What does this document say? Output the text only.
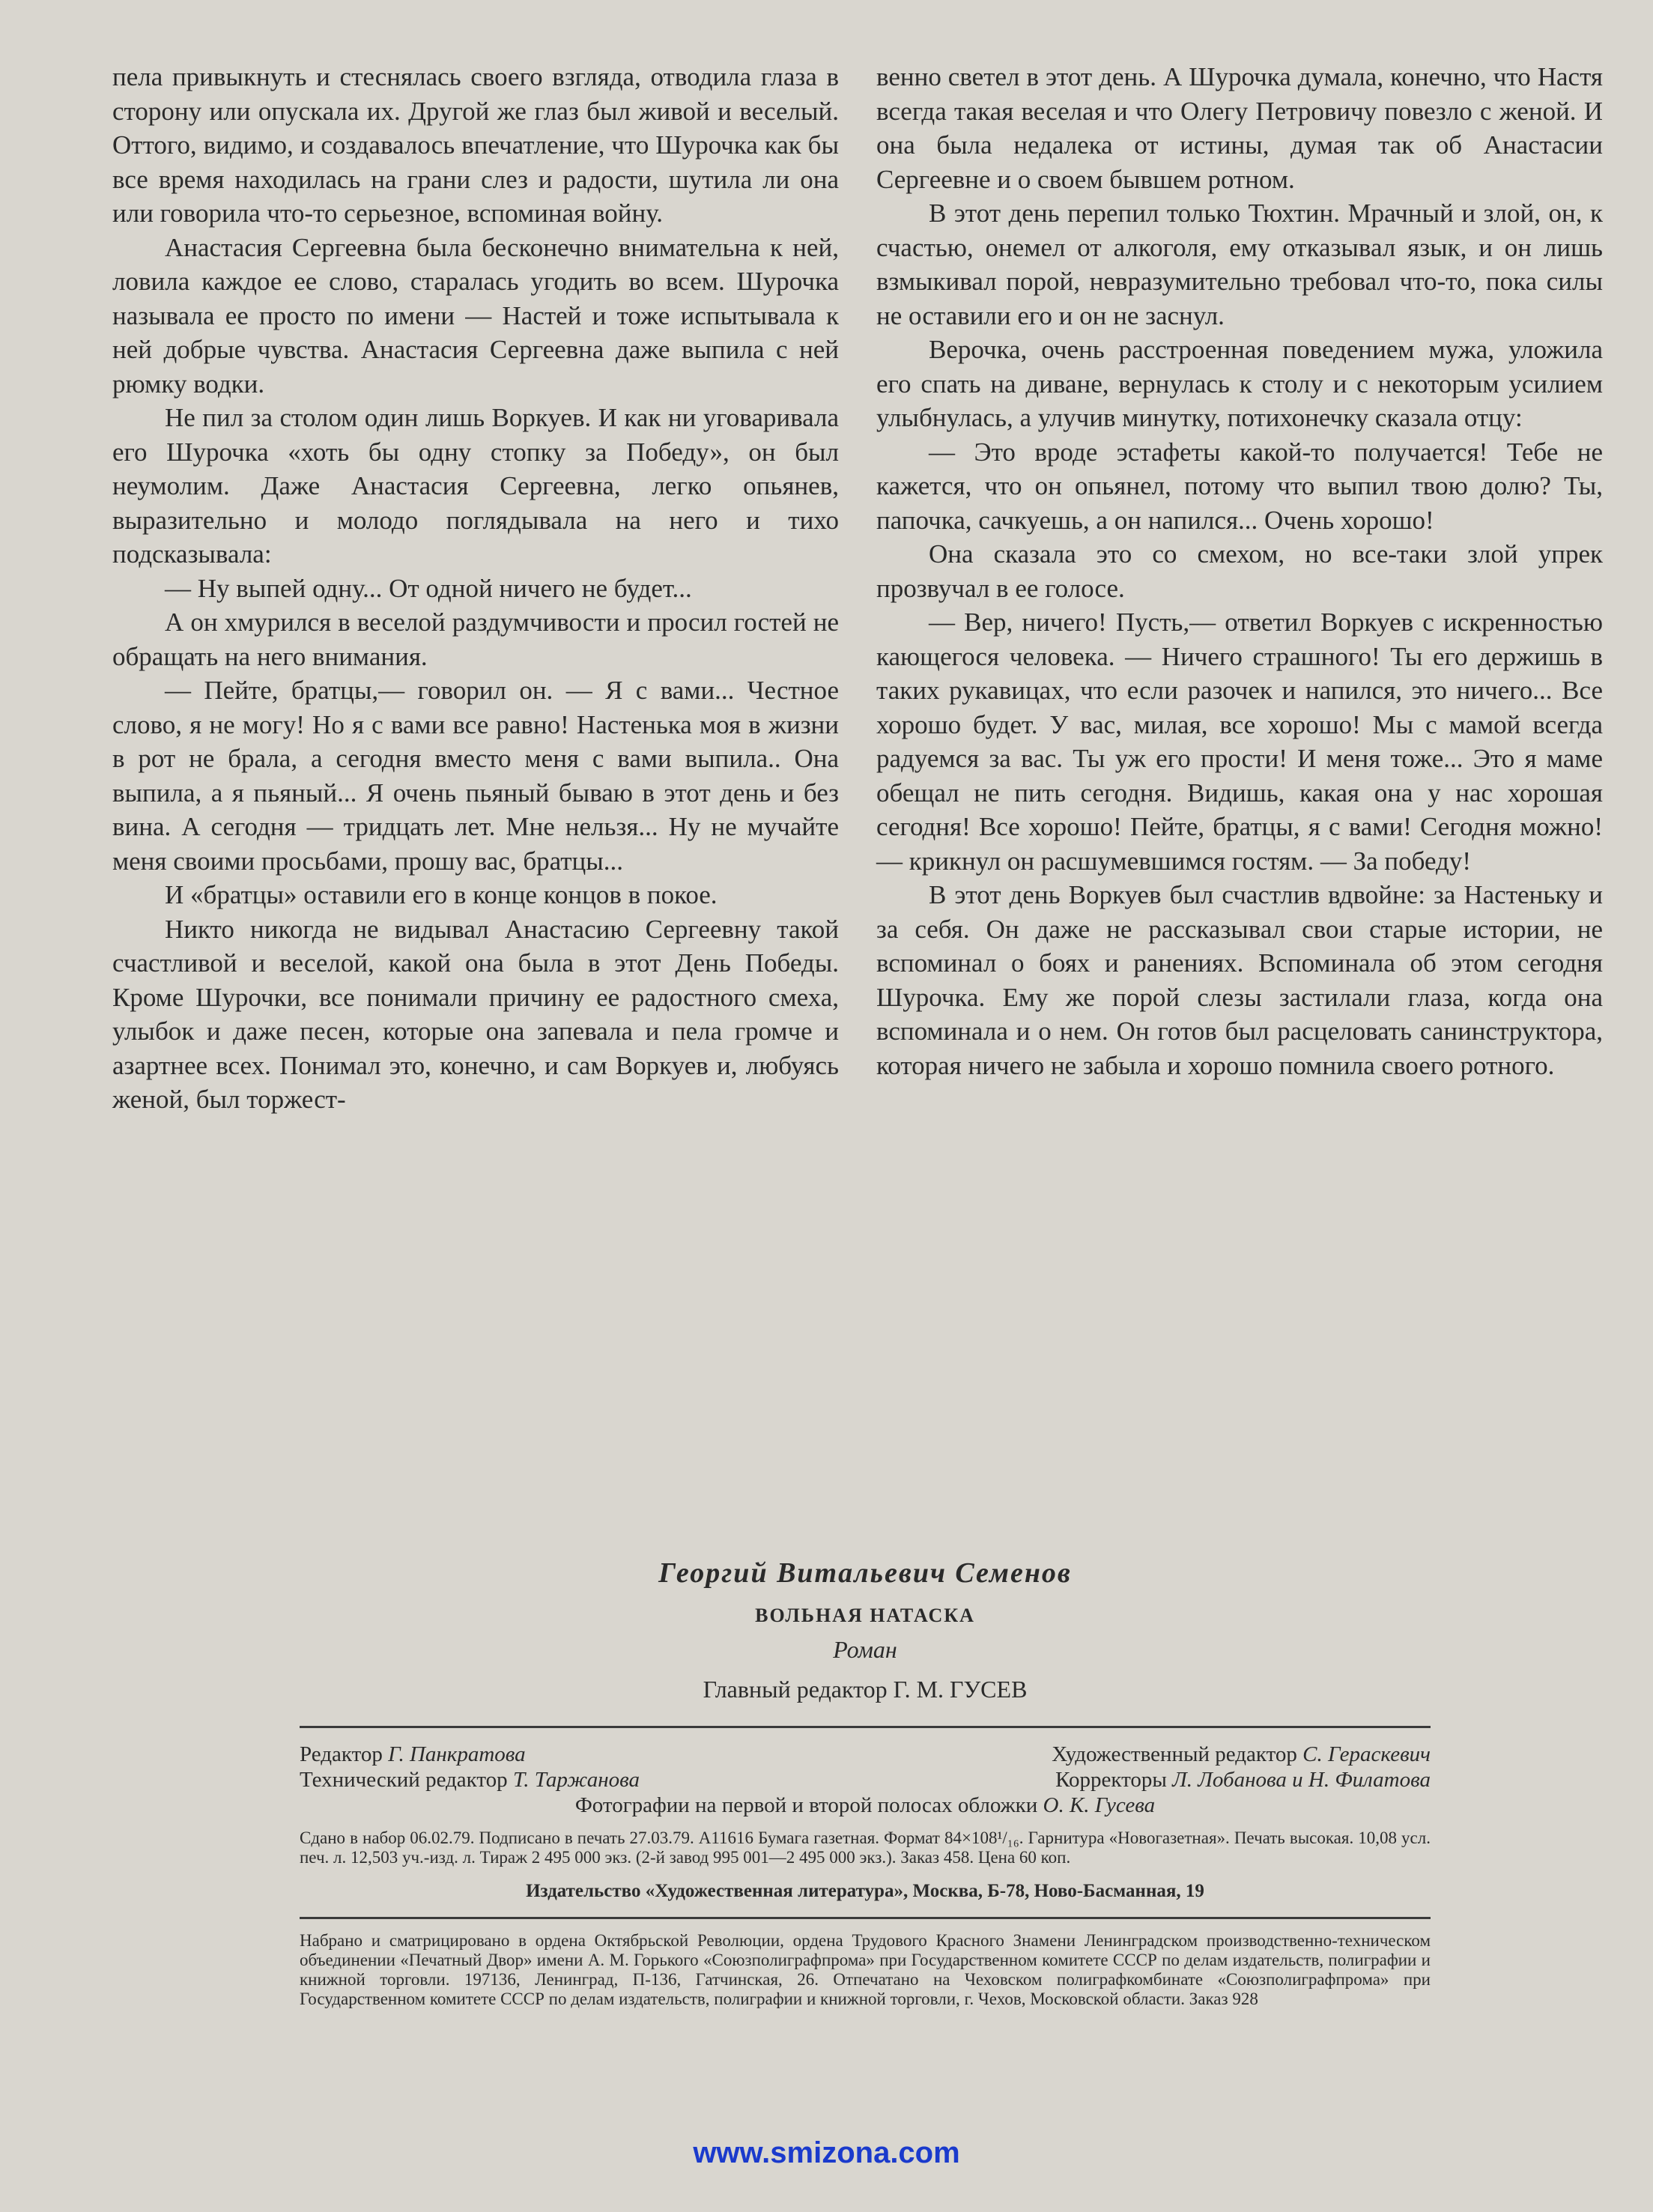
пела привыкнуть и стеснялась своего взгляда, отводила глаза в сторону или опускала их. Другой же глаз был живой и веселый. Оттого, видимо, и создавалось впечатление, что Шурочка как бы все время находилась на грани слез и радости, шутила ли она или говорила что-то серьезное, вспоминая войну.

Анастасия Сергеевна была бесконечно внимательна к ней, ловила каждое ее слово, старалась угодить во всем. Шурочка называла ее просто по имени — Настей и тоже испытывала к ней добрые чувства. Анастасия Сергеевна даже выпила с ней рюмку водки.

Не пил за столом один лишь Воркуев. И как ни уговаривала его Шурочка «хоть бы одну стопку за Победу», он был неумолим. Даже Анастасия Сергеевна, легко опьянев, выразительно и молодо поглядывала на него и тихо подсказывала:

— Ну выпей одну... От одной ничего не будет...

А он хмурился в веселой раздумчивости и просил гостей не обращать на него внимания.

— Пейте, братцы,— говорил он. — Я с вами... Честное слово, я не могу! Но я с вами все равно! Настенька моя в жизни в рот не брала, а сегодня вместо меня с вами выпила.. Она выпила, а я пьяный... Я очень пьяный бываю в этот день и без вина. А сегодня — тридцать лет. Мне нельзя... Ну не мучайте меня своими просьбами, прошу вас, братцы...

И «братцы» оставили его в конце концов в покое.

Никто никогда не видывал Анастасию Сергеевну такой счастливой и веселой, какой она была в этот День Победы. Кроме Шурочки, все понимали причину ее радостного смеха, улыбок и даже песен, которые она запевала и пела громче и азартнее всех. Понимал это, конечно, и сам Воркуев и, любуясь женой, был торжест-

венно светел в этот день. А Шурочка думала, конечно, что Настя всегда такая веселая и что Олегу Петровичу повезло с женой. И она была недалека от истины, думая так об Анастасии Сергеевне и о своем бывшем ротном.

В этот день перепил только Тюхтин. Мрачный и злой, он, к счастью, онемел от алкоголя, ему отказывал язык, и он лишь взмыкивал порой, невразумительно требовал что-то, пока силы не оставили его и он не заснул.

Верочка, очень расстроенная поведением мужа, уложила его спать на диване, вернулась к столу и с некоторым усилием улыбнулась, а улучив минутку, потихонечку сказала отцу:

— Это вроде эстафеты какой-то получается! Тебе не кажется, что он опьянел, потому что выпил твою долю? Ты, папочка, сачкуешь, а он напился... Очень хорошо!

Она сказала это со смехом, но все-таки злой упрек прозвучал в ее голосе.

— Вер, ничего! Пусть,— ответил Воркуев с искренностью кающегося человека. — Ничего страшного! Ты его держишь в таких рукавицах, что если разочек и напился, это ничего... Все хорошо будет. У вас, милая, все хорошо! Мы с мамой всегда радуемся за вас. Ты уж его прости! И меня тоже... Это я маме обещал не пить сегодня. Видишь, какая она у нас хорошая сегодня! Все хорошо! Пейте, братцы, я с вами! Сегодня можно! — крикнул он расшумевшимся гостям. — За победу!

В этот день Воркуев был счастлив вдвойне: за Настеньку и за себя. Он даже не рассказывал свои старые истории, не вспоминал о боях и ранениях. Вспоминала об этом сегодня Шурочка. Ему же порой слезы застилали глаза, когда она вспоминала и о нем. Он готов был расцеловать санинструктора, которая ничего не забыла и хорошо помнила своего ротного.

Георгий Витальевич Семенов
ВОЛЬНАЯ НАТАСКА
Роман
Главный редактор Г. М. ГУСЕВ
Редактор Г. Панкратова	Художественный редактор С. Гераскевич
Технический редактор Т. Таржанова	Корректоры Л. Лобанова и Н. Филатова
Фотографии на первой и второй полосах обложки О. К. Гусева
Сдано в набор 06.02.79. Подписано в печать 27.03.79. А11616 Бумага газетная. Формат 84×108¹/₁₆. Гарнитура «Новогазетная». Печать высокая. 10,08 усл. печ. л. 12,503 уч.-изд. л. Тираж 2 495 000 экз. (2-й завод 995 001—2 495 000 экз.). Заказ 458. Цена 60 коп.
Издательство «Художественная литература», Москва, Б-78, Ново-Басманная, 19
Набрано и сматрицировано в ордена Октябрьской Революции, ордена Трудового Красного Знамени Ленинградском производственно-техническом объединении «Печатный Двор» имени А. М. Горького «Союзполиграфпрома» при Государственном комитете СССР по делам издательств, полиграфии и книжной торговли. 197136, Ленинград, П-136, Гатчинская, 26. Отпечатано на Чеховском полиграфкомбинате «Союзполиграфпрома» при Государственном комитете СССР по делам издательств, полиграфии и книжной торговли, г. Чехов, Московской области. Заказ 928
www.smizona.com
